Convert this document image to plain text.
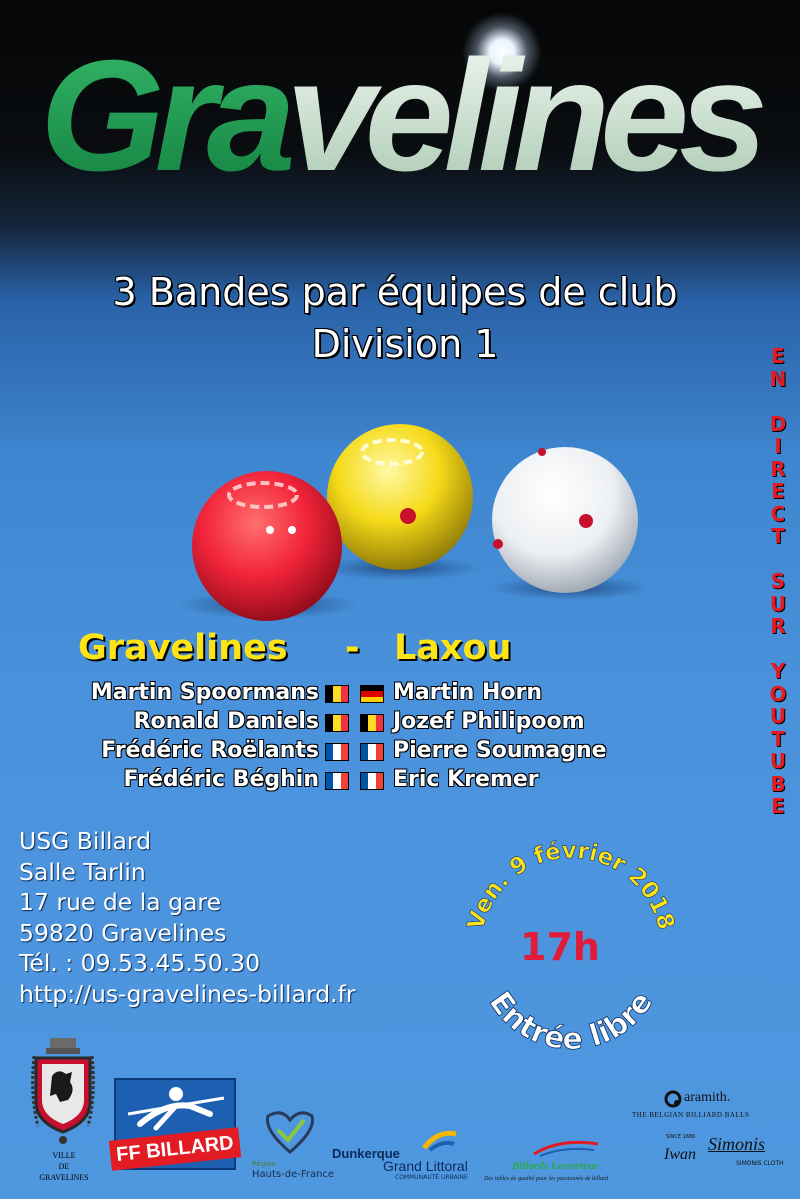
Gravelines
3 Bandes par équipes de club
Division 1	E
N
D
I
R
E
C
T
S
U
R
Y
O
U
T
U
B
E
Gravelines - Laxou
Martin Spoormans	Martin Horn
Ronald Daniels	Jozef Philipoom
Frédéric Roëlants	Pierre Soumagne
Frédéric Béghin	Eric Kremer
USG Billard
Salle Tarlin
17 rue de la gare
59820 Gravelines
Tél. : 09.53.45.50.30
http://us-gravelines-billard.fr
Ven. 9 février 2018
Entrée libre
17h
VILLE
DE
GRAVELINES
FF BILLARD	Région
Hauts-de-France
Dunkerque
Grand Littoral
COMMUNAUTÉ URBAINE
Billards Lesserteur
Des tables de qualité pour les passionnés de billard
aramith.
THE BELGIAN BILLIARD BALLS
SINCE 1680
Iwan
Simonis
SIMONIS CLOTH
